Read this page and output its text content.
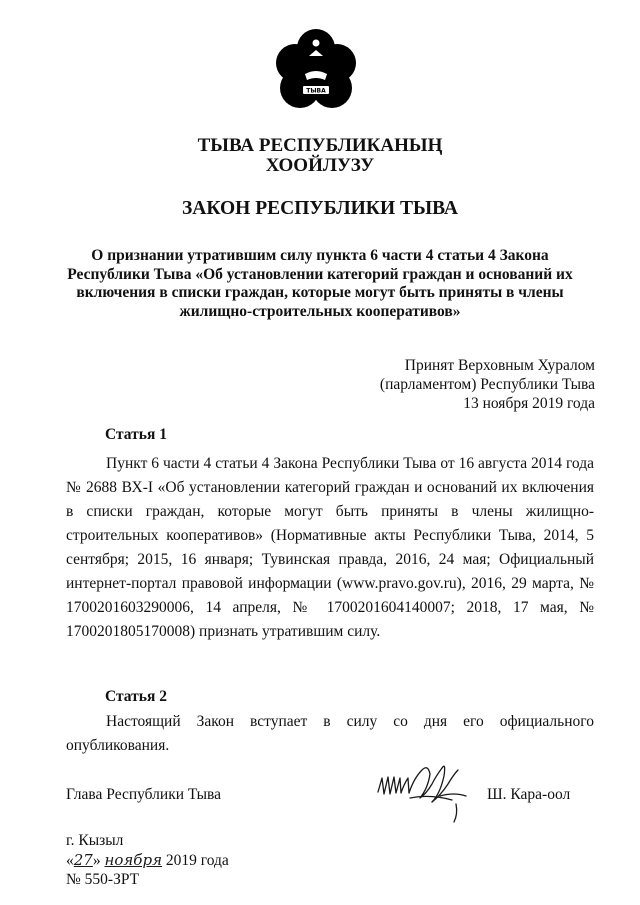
ТЫВА
ТЫВА РЕСПУБЛИКАНЫҢ
ХООЙЛУЗУ
ЗАКОН РЕСПУБЛИКИ ТЫВА
О признании утратившим силу пункта 6 части 4 статьи 4 Закона Республики Тыва «Об установлении категорий граждан и оснований их включения в списки граждан, которые могут быть приняты в члены жилищно-строительных кооперативов»
Принят Верховным Хуралом
(парламентом) Республики Тыва
13 ноября 2019 года
Статья 1
Пункт 6 части 4 статьи 4 Закона Республики Тыва от 16 августа 2014 года № 2688 ВХ-I «Об установлении категорий граждан и оснований их включения в списки граждан, которые могут быть приняты в члены жилищно-строительных кооперативов» (Нормативные акты Республики Тыва, 2014, 5 сентября; 2015, 16 января; Тувинская правда, 2016, 24 мая; Официальный интернет-портал правовой информации (www.pravo.gov.ru), 2016, 29 марта, № 1700201603290006, 14 апреля, № 1700201604140007; 2018, 17 мая, № 1700201805170008) признать утратившим силу.
Статья 2
Настоящий Закон вступает в силу со дня его официального опубликования.
Глава Республики Тыва	Ш. Кара-оол
г. Кызыл
«27» ноября 2019 года
№ 550-ЗРТ
